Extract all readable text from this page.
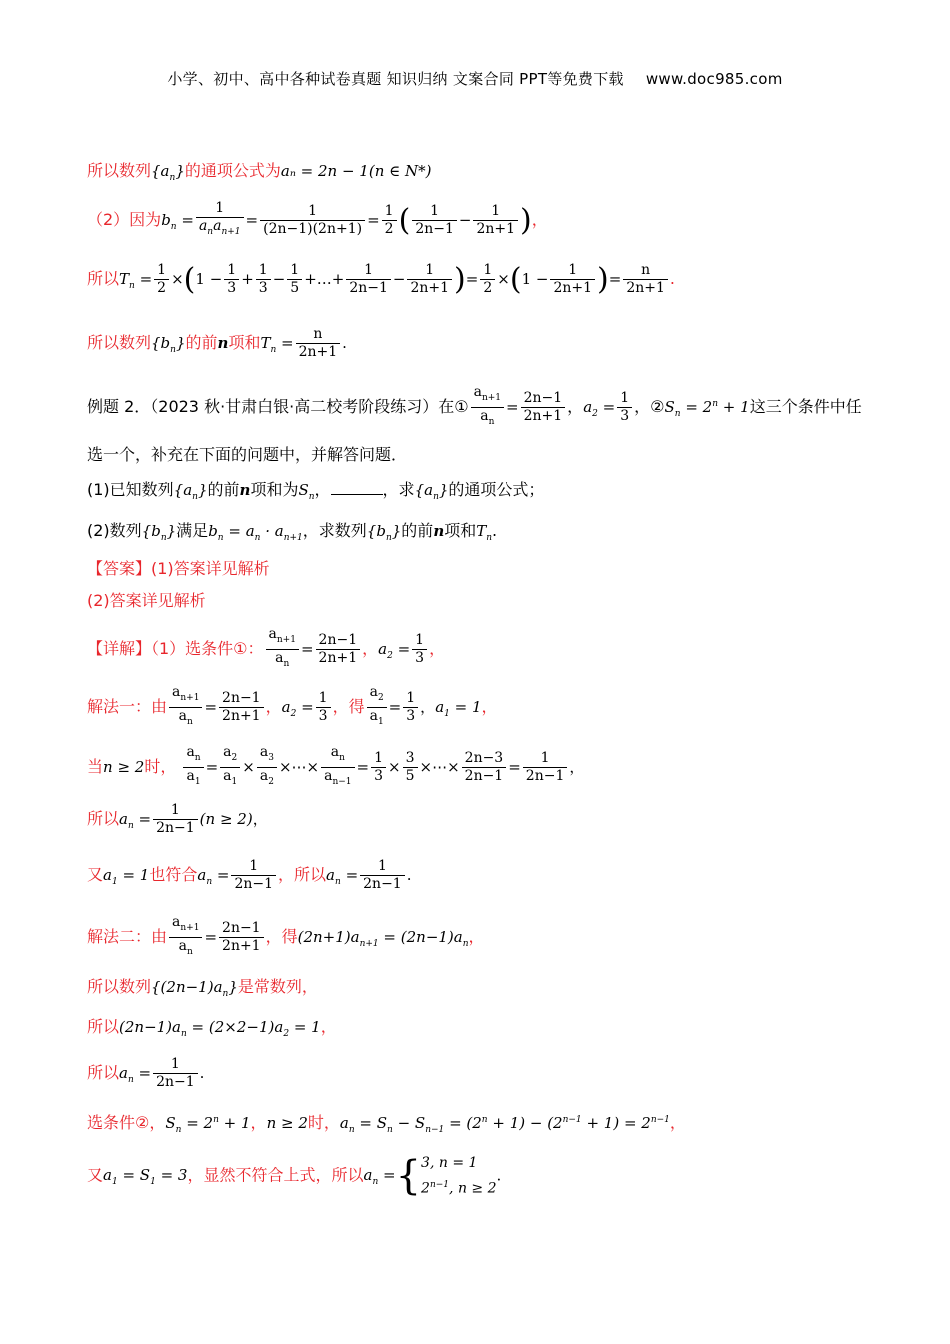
小学、初中、高中各种试卷真题 知识归纳 文案合同 PPT等免费下载 www.doc985.com
所以数列$\{a_n\}$的通项公式为aₙ = 2n − 1(n ∈ N*)
（2）因为$b_n = \frac{1}{a_na_{n+1}} = \frac{1}{(2n-1)(2n+1)} = \frac{1}{2}$ ( $\frac{1}{2n-1} - \frac{1}{2n+1}$ )，
所以$T_n = \frac{1}{2} \times(1 - \frac{1}{3} + \frac{1}{3} - \frac{1}{5}$ +…+ $\frac{1}{2n-1} - \frac{1}{2n+1}$ )= $\frac{1}{2} \times(1 - \frac{1}{2n+1}$ )= $\frac{n}{2n+1}$ .
所以数列$\{b_n\}$的前n项和$T_n = \frac{n}{2n+1}$ .
例题 2．（2023 秋·甘肃白银·高二校考阶段练习）在① $\frac{a_{n+1}}{a_n} = \frac{2n-1}{2n+1}$ ，$a_2 = \frac{1}{3}$ ，$②S_n = 2^n + 1$这三个条件中任
选一个，补充在下面的问题中，并解答问题．
(1)已知数列$\{a_n\}$的前n项和为$S_n$，	，求$\{a_n\}$的通项公式；
(2)数列$\{b_n\}$满足$b_n = a_n \cdot a_{n+1}$，求数列$\{b_n\}$的前n项和$T_n$.
【答案】(1)答案详见解析
(2)答案详见解析
【详解】（1）选条件①： $\frac{a_{n+1}}{a_n} = \frac{2n-1}{2n+1}$ ，$a_2 = \frac{1}{3}$ ，
解法一：由 $\frac{a_{n+1}}{a_n} = \frac{2n-1}{2n+1}$ ，$a_2 = \frac{1}{3}$ ，得 $\frac{a_2}{a_1} = \frac{1}{3}$ ，$a_1 = 1$，
当n ≥ 2时， $\frac{a_n}{a_1} = \frac{a_2}{a_1} \times \frac{a_3}{a_2}$ ×⋯× $\frac{a_n}{a_{n-1}} = \frac{1}{3} \times \frac{3}{5}$ ×⋯× $\frac{2n-3}{2n-1} = \frac{1}{2n-1}$ ，
所以$a_n = \frac{1}{2n-1} (n \ge 2)$，
又$a_1 = 1$也符合$a_n = \frac{1}{2n-1}$ ，所以$a_n = \frac{1}{2n-1}$ .
解法二：由 $\frac{a_{n+1}}{a_n} = \frac{2n-1}{2n+1}$ ，得$(2n+1)a_{n+1} = (2n-1)a_n$，
所以数列$\{(2n-1)a_n\}$是常数列，
所以$(2n-1)a_n = (2\times 2-1)a_2 = 1$，
所以$a_n = \frac{1}{2n-1}$ .
选条件②，$S_n = 2^n + 1$，n ≥ 2时，$a_n = S_n - S_{n-1} = (2^n + 1) - (2^{n-1} + 1) = 2^{n-1}$，
又$a_1 = S_1 = 3$，显然不符合上式，所以$a_n$ ={ 3, n = 1
$2^{n-1}$, n ≥ 2
.
